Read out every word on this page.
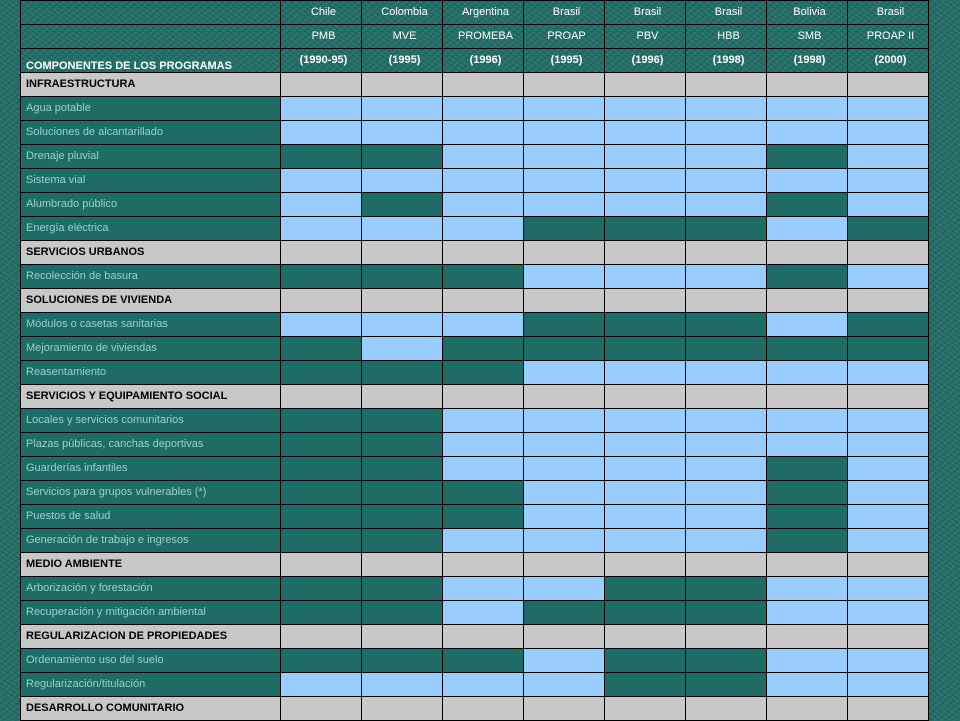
	Chile	Colombia	Argentina	Brasil	Brasil	Brasil	Bolivia	Brasil
	PMB	MVE	PROMEBA	PROAP	PBV	HBB	SMB	PROAP II
COMPONENTES DE LOS PROGRAMAS	(1990-95)	(1995)	(1996)	(1995)	(1996)	(1998)	(1998)	(2000)
INFRAESTRUCTURA								
Agua potable								
Soluciones de alcantarillado								
Drenaje pluvial								
Sistema vial								
Alumbrado público								
Energía eléctrica								
SERVICIOS URBANOS								
Recolección de basura								
SOLUCIONES DE VIVIENDA								
Módulos o casetas sanitarias								
Mejoramiento de viviendas								
Reasentamiento								
SERVICIOS Y EQUIPAMIENTO SOCIAL								
Locales y servicios comunitarios								
Plazas públicas, canchas deportivas								
Guarderías infantiles								
Servicios para grupos vulnerables (*)								
Puestos de salud								
Generación de trabajo e ingresos								
MEDIO AMBIENTE								
Arborización y forestación								
Recuperación y mitigación ambiental								
REGULARIZACION DE PROPIEDADES								
Ordenamiento uso del suelo								
Regularización/titulación								
DESARROLLO COMUNITARIO								
